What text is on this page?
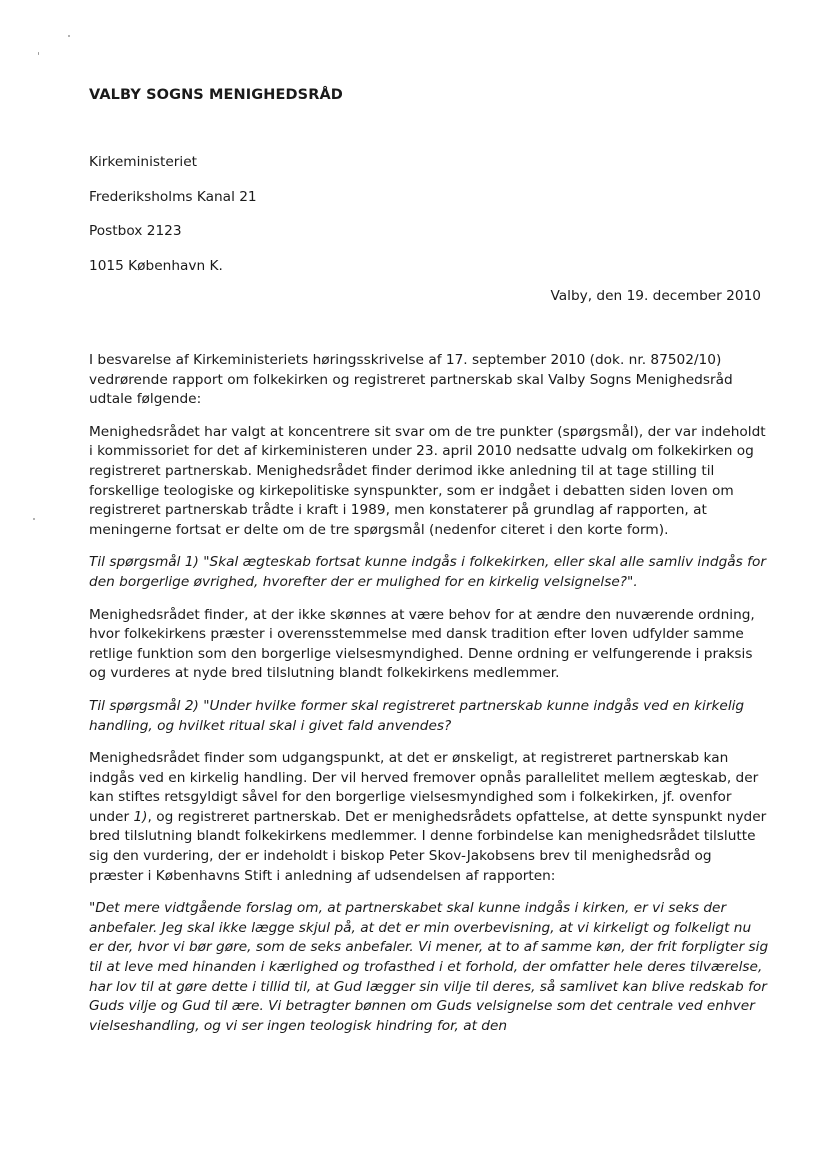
VALBY SOGNS MENIGHEDSRÅD
Kirkeministeriet
Frederiksholms Kanal 21
Postbox 2123
1015 København K.
Valby, den 19. december 2010

I besvarelse af Kirkeministeriets høringsskrivelse af 17. september 2010 (dok. nr. 87502/10) vedrørende rapport om folkekirken og registreret partnerskab skal Valby Sogns Menighedsråd udtale følgende:

Menighedsrådet har valgt at koncentrere sit svar om de tre punkter (spørgsmål), der var indeholdt i kommissoriet for det af kirkeministeren under 23. april 2010 nedsatte udvalg om folkekirken og registreret partnerskab. Menighedsrådet finder derimod ikke anledning til at tage stilling til forskellige teologiske og kirkepolitiske synspunkter, som er indgået i debatten siden loven om registreret partnerskab trådte i kraft i 1989, men konstaterer på grundlag af rapporten, at meningerne fortsat er delte om de tre spørgsmål (nedenfor citeret i den korte form).

Til spørgsmål 1) "Skal ægteskab fortsat kunne indgås i folkekirken, eller skal alle samliv indgås for den borgerlige øvrighed, hvorefter der er mulighed for en kirkelig velsignelse?".

Menighedsrådet finder, at der ikke skønnes at være behov for at ændre den nuværende ordning, hvor folkekirkens præster i overensstemmelse med dansk tradition efter loven udfylder samme retlige funktion som den borgerlige vielsesmyndighed. Denne ordning er velfungerende i praksis og vurderes at nyde bred tilslutning blandt folkekirkens medlemmer.

Til spørgsmål 2) "Under hvilke former skal registreret partnerskab kunne indgås ved en kirkelig handling, og hvilket ritual skal i givet fald anvendes?

Menighedsrådet finder som udgangspunkt, at det er ønskeligt, at registreret partnerskab kan indgås ved en kirkelig handling. Der vil herved fremover opnås parallelitet mellem ægteskab, der kan stiftes retsgyldigt såvel for den borgerlige vielsesmyndighed som i folkekirken, jf. ovenfor under 1), og registreret partnerskab. Det er menighedsrådets opfattelse, at dette synspunkt nyder bred tilslutning blandt folkekirkens medlemmer. I denne forbindelse kan menighedsrådet tilslutte sig den vurdering, der er indeholdt i biskop Peter Skov-Jakobsens brev til menighedsråd og præster i Københavns Stift i anledning af udsendelsen af rapporten:

"Det mere vidtgående forslag om, at partnerskabet skal kunne indgås i kirken, er vi seks der anbefaler. Jeg skal ikke lægge skjul på, at det er min overbevisning, at vi kirkeligt og folkeligt nu er der, hvor vi bør gøre, som de seks anbefaler. Vi mener, at to af samme køn, der frit forpligter sig til at leve med hinanden i kærlighed og trofasthed i et forhold, der omfatter hele deres tilværelse, har lov til at gøre dette i tillid til, at Gud lægger sin vilje til deres, så samlivet kan blive redskab for Guds vilje og Gud til ære. Vi betragter bønnen om Guds velsignelse som det centrale ved enhver vielseshandling, og vi ser ingen teologisk hindring for, at den
